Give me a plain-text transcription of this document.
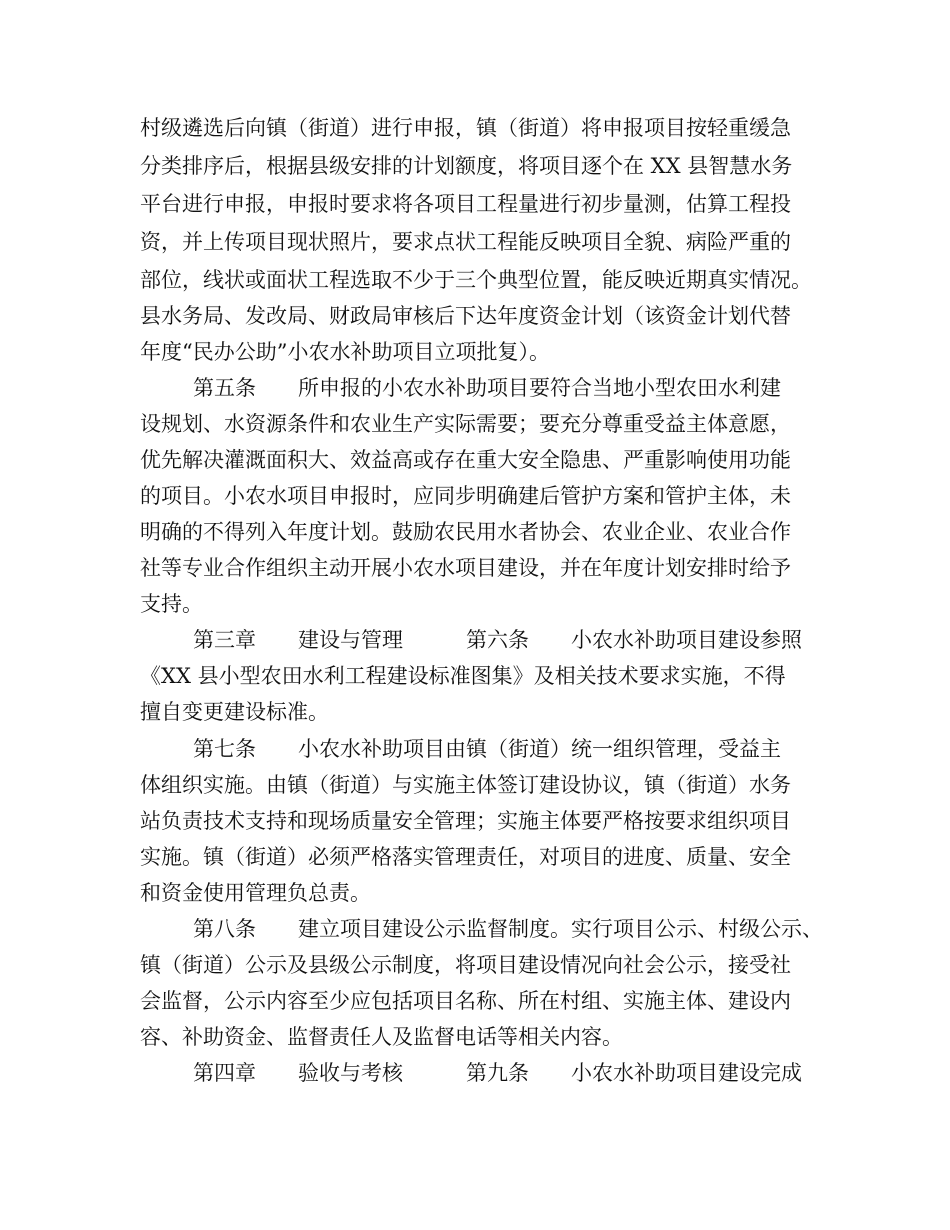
村级遴选后向镇（街道）进行申报，镇（街道）将申报项目按轻重缓急
分类排序后，根据县级安排的计划额度，将项目逐个在 XX 县智慧水务
平台进行申报，申报时要求将各项目工程量进行初步量测，估算工程投
资，并上传项目现状照片，要求点状工程能反映项目全貌、病险严重的
部位，线状或面状工程选取不少于三个典型位置，能反映近期真实情况。
县水务局、发改局、财政局审核后下达年度资金计划（该资金计划代替
年度“民办公助”小农水补助项目立项批复）。
第五条　　所申报的小农水补助项目要符合当地小型农田水利建
设规划、水资源条件和农业生产实际需要；要充分尊重受益主体意愿，
优先解决灌溉面积大、效益高或存在重大安全隐患、严重影响使用功能
的项目。小农水项目申报时，应同步明确建后管护方案和管护主体，未
明确的不得列入年度计划。鼓励农民用水者协会、农业企业、农业合作
社等专业合作组织主动开展小农水项目建设，并在年度计划安排时给予
支持。
第三章　　建设与管理　　　第六条　　小农水补助项目建设参照
《XX 县小型农田水利工程建设标准图集》及相关技术要求实施，不得
擅自变更建设标准。
第七条　　小农水补助项目由镇（街道）统一组织管理，受益主
体组织实施。由镇（街道）与实施主体签订建设协议，镇（街道）水务
站负责技术支持和现场质量安全管理；实施主体要严格按要求组织项目
实施。镇（街道）必须严格落实管理责任，对项目的进度、质量、安全
和资金使用管理负总责。
第八条　　建立项目建设公示监督制度。实行项目公示、村级公示、
镇（街道）公示及县级公示制度，将项目建设情况向社会公示，接受社
会监督，公示内容至少应包括项目名称、所在村组、实施主体、建设内
容、补助资金、监督责任人及监督电话等相关内容。
第四章　　验收与考核　　　第九条　　小农水补助项目建设完成
